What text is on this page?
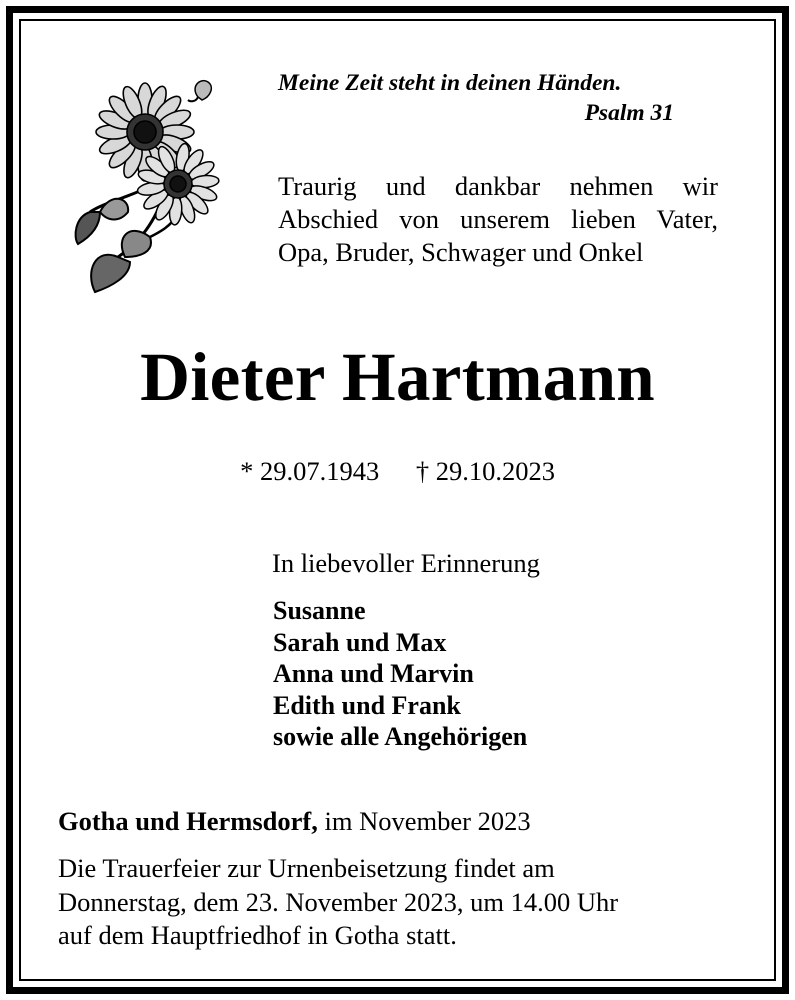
Meine Zeit steht in deinen Händen.
Psalm 31
Traurig und dankbar nehmen wir
Abschied von unserem lieben Vater,
Opa, Bruder, Schwager und Onkel
Dieter Hartmann
* 29.07.1943 † 29.10.2023
In liebevoller Erinnerung
Susanne
Sarah und Max
Anna und Marvin
Edith und Frank
sowie alle Angehörigen
Gotha und Hermsdorf, im November 2023
Die Trauerfeier zur Urnenbeisetzung findet am
Donnerstag, dem 23. November 2023, um 14.00 Uhr
auf dem Hauptfriedhof in Gotha statt.
